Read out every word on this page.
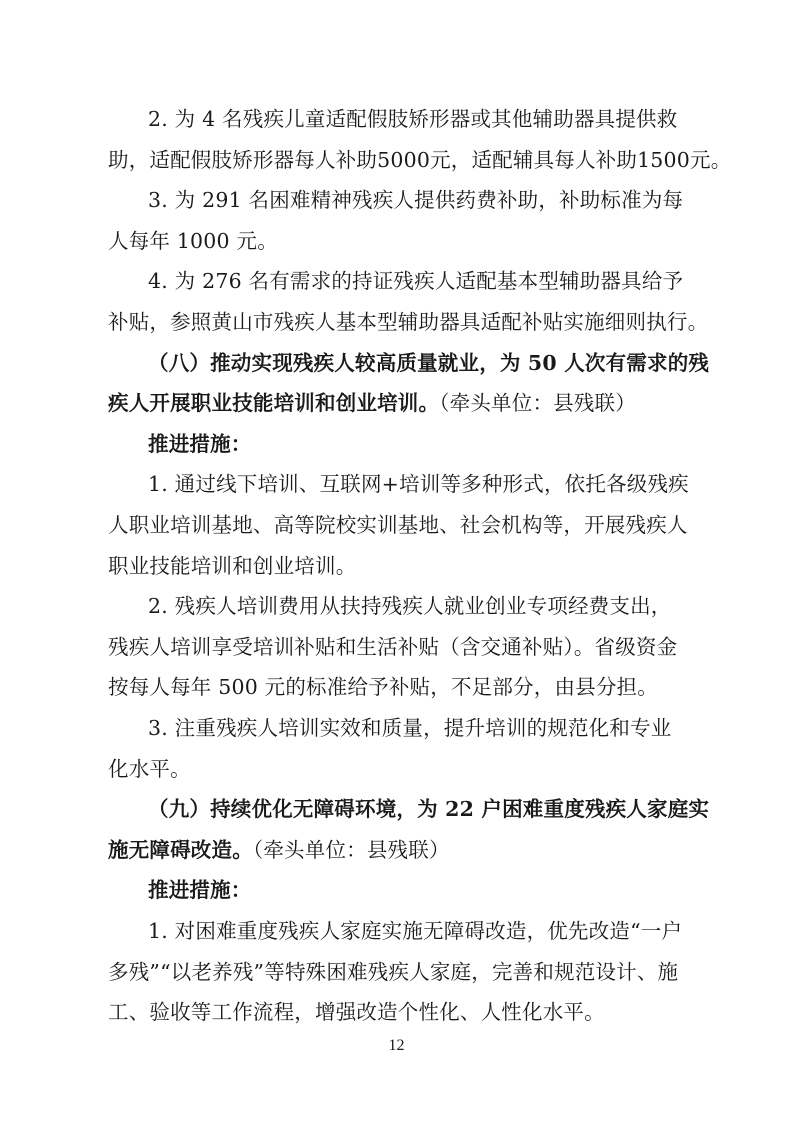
2. 为 4 名残疾儿童适配假肢矫形器或其他辅助器具提供救
助，适配假肢矫形器每人补助5000元，适配辅具每人补助1500元。
3. 为 291 名困难精神残疾人提供药费补助，补助标准为每
人每年 1000 元。
4. 为 276 名有需求的持证残疾人适配基本型辅助器具给予
补贴，参照黄山市残疾人基本型辅助器具适配补贴实施细则执行。
（八）推动实现残疾人较高质量就业，为 50 人次有需求的残
疾人开展职业技能培训和创业培训。（牵头单位：县残联）
推进措施：
1. 通过线下培训、互联网+培训等多种形式，依托各级残疾
人职业培训基地、高等院校实训基地、社会机构等，开展残疾人
职业技能培训和创业培训。
2. 残疾人培训费用从扶持残疾人就业创业专项经费支出，
残疾人培训享受培训补贴和生活补贴（含交通补贴）。省级资金
按每人每年 500 元的标准给予补贴，不足部分，由县分担。
3. 注重残疾人培训实效和质量，提升培训的规范化和专业
化水平。
（九）持续优化无障碍环境，为 22 户困难重度残疾人家庭实
施无障碍改造。（牵头单位：县残联）
推进措施：
1. 对困难重度残疾人家庭实施无障碍改造，优先改造“一户
多残”“以老养残”等特殊困难残疾人家庭，完善和规范设计、施
12
工、验收等工作流程，增强改造个性化、人性化水平。
